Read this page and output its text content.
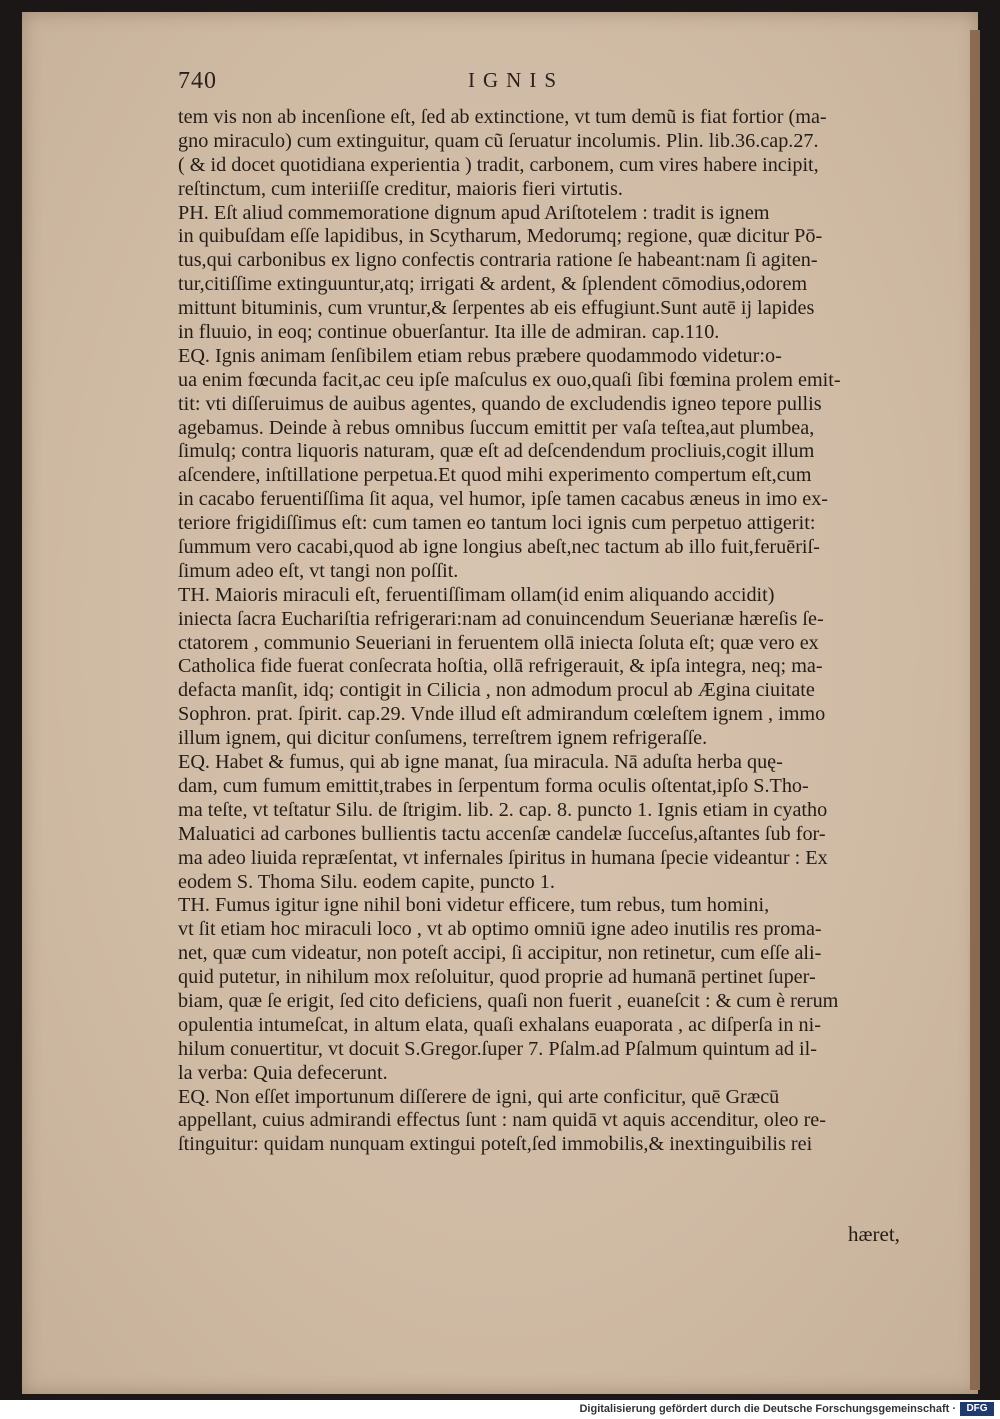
740	IGNIS
tem vis non ab incenſione eſt, ſed ab extinctione, vt tum demũ is fiat fortior (ma-
gno miraculo) cum extinguitur, quam cũ ſeruatur incolumis. Plin. lib.36.cap.27.
( & id docet quotidiana experientia ) tradit, carbonem, cum vires habere incipit,
reſtinctum, cum interiiſſe creditur, maioris fieri virtutis.
PH. Eſt aliud commemoratione dignum apud Ariſtotelem : tradit is ignem
in quibuſdam eſſe lapidibus, in Scytharum, Medorumq; regione, quæ dicitur Pō-
tus,qui carbonibus ex ligno confectis contraria ratione ſe habeant:nam ſi agiten-
tur,citiſſime extinguuntur,atq; irrigati & ardent, & ſplendent cōmodius,odorem
mittunt bituminis, cum vruntur,& ſerpentes ab eis effugiunt.Sunt autē ij lapides
in fluuio, in eoq; continue obuerſantur. Ita ille de admiran. cap.110.
EQ. Ignis animam ſenſibilem etiam rebus præbere quodammodo videtur:o-
ua enim fœcunda facit,ac ceu ipſe maſculus ex ouo,quaſi ſibi fœmina prolem emit-
tit: vti diſſeruimus de auibus agentes, quando de excludendis igneo tepore pullis
agebamus. Deinde à rebus omnibus ſuccum emittit per vaſa teſtea,aut plumbea,
ſimulq; contra liquoris naturam, quæ eſt ad deſcendendum procliuis,cogit illum
aſcendere, inſtillatione perpetua.Et quod mihi experimento compertum eſt,cum
in cacabo feruentiſſima ſit aqua, vel humor, ipſe tamen cacabus æneus in imo ex-
teriore frigidiſſimus eſt: cum tamen eo tantum loci ignis cum perpetuo attigerit:
ſummum vero cacabi,quod ab igne longius abeſt,nec tactum ab illo fuit,feruēriſ-
ſimum adeo eſt, vt tangi non poſſit.
TH. Maioris miraculi eſt, feruentiſſimam ollam(id enim aliquando accidit)
iniecta ſacra Euchariſtia refrigerari:nam ad conuincendum Seuerianæ hæreſis ſe-
ctatorem , communio Seueriani in feruentem ollā iniecta ſoluta eſt; quæ vero ex
Catholica fide fuerat conſecrata hoſtia, ollā refrigerauit, & ipſa integra, neq; ma-
defacta manſit, idq; contigit in Cilicia , non admodum procul ab Ægina ciuitate
Sophron. prat. ſpirit. cap.29. Vnde illud eſt admirandum cœleſtem ignem , immo
illum ignem, qui dicitur conſumens, terreſtrem ignem refrigeraſſe.
EQ. Habet & fumus, qui ab igne manat, ſua miracula. Nā aduſta herba quę-
dam, cum fumum emittit,trabes in ſerpentum forma oculis oſtentat,ipſo S.Tho-
ma teſte, vt teſtatur Silu. de ſtrigim. lib. 2. cap. 8. puncto 1. Ignis etiam in cyatho
Maluatici ad carbones bullientis tactu accenſæ candelæ ſucceſus,aſtantes ſub for-
ma adeo liuida repræſentat, vt infernales ſpiritus in humana ſpecie videantur : Ex
eodem S. Thoma Silu. eodem capite, puncto 1.
TH. Fumus igitur igne nihil boni videtur efficere, tum rebus, tum homini,
vt ſit etiam hoc miraculi loco , vt ab optimo omniū igne adeo inutilis res proma-
net, quæ cum videatur, non poteſt accipi, ſi accipitur, non retinetur, cum eſſe ali-
quid putetur, in nihilum mox reſoluitur, quod proprie ad humanā pertinet ſuper-
biam, quæ ſe erigit, ſed cito deficiens, quaſi non fuerit , euaneſcit : & cum è rerum
opulentia intumeſcat, in altum elata, quaſi exhalans euaporata , ac diſperſa in ni-
hilum conuertitur, vt docuit S.Gregor.ſuper 7. Pſalm.ad Pſalmum quintum ad il-
la verba: Quia defecerunt.
EQ. Non eſſet importunum diſſerere de igni, qui arte conficitur, quē Græcū
appellant, cuius admirandi effectus ſunt : nam quidā vt aquis accenditur, oleo re-
ſtinguitur: quidam nunquam extingui poteſt,ſed immobilis,& inextinguibilis rei
hæret,
Digitalisierung gefördert durch die Deutsche Forschungsgemeinschaft ·	DFG
